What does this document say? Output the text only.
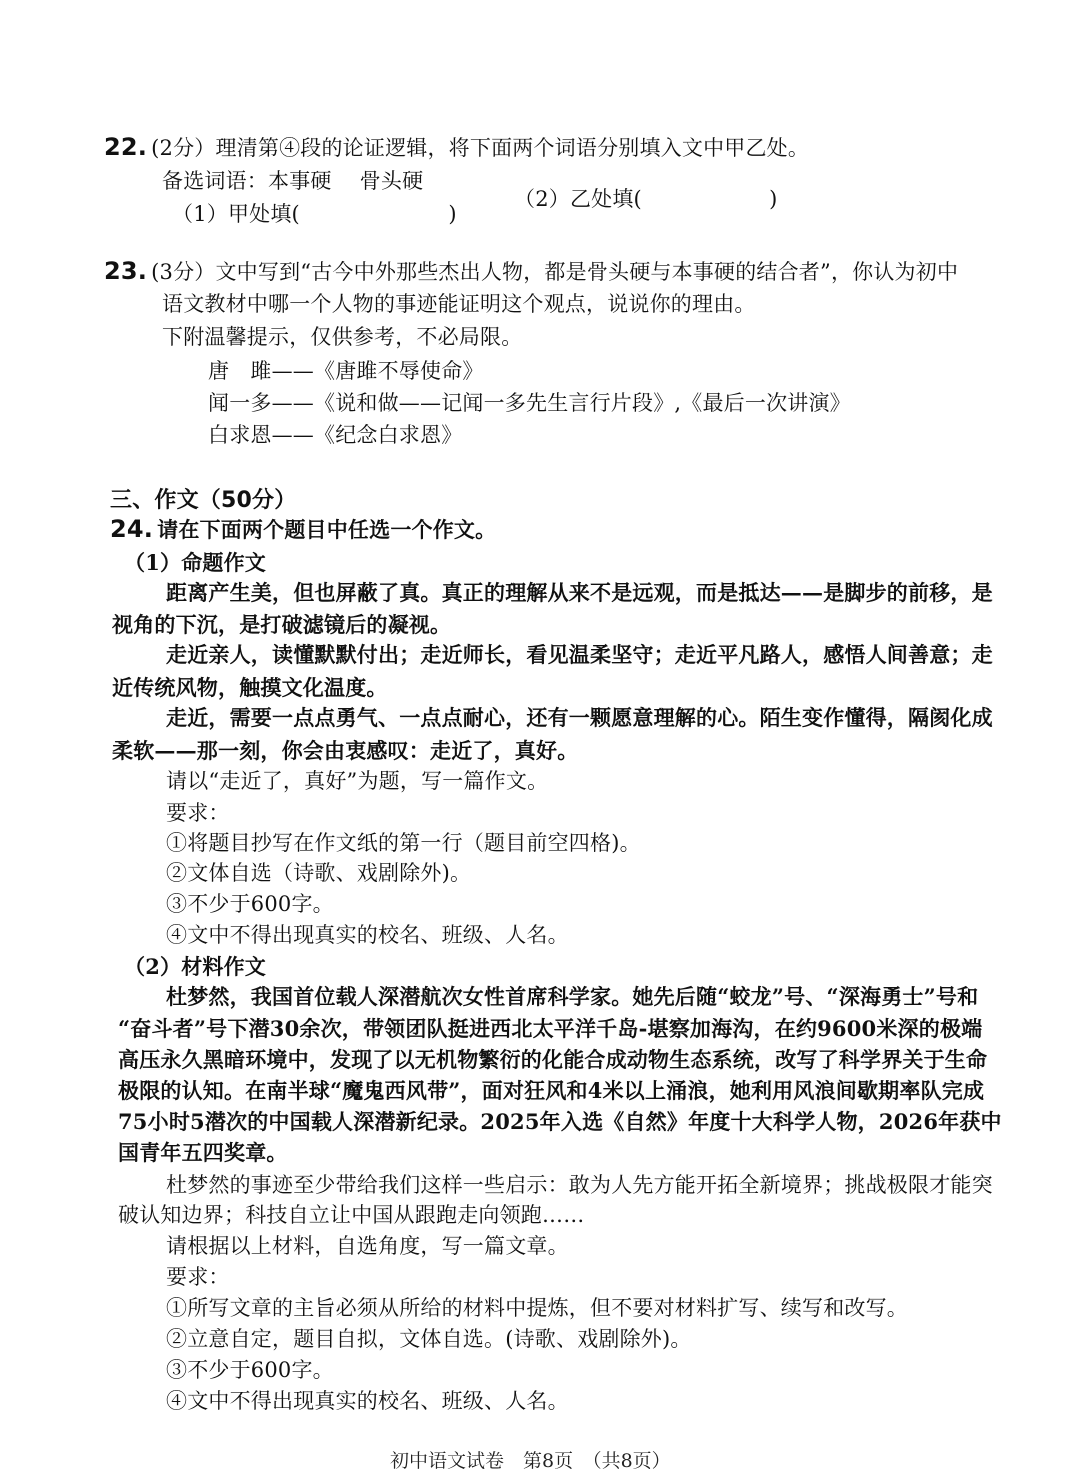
22. (2分）理清第④段的论证逻辑，将下面两个词语分别填入文中甲乙处。
备选词语：本事硬　 骨头硬
（1）甲处填(　　　　　　　)
（2）乙处填(　　　　　　)
23. (3分）文中写到“古今中外那些杰出人物，都是骨头硬与本事硬的结合者”，你认为初中
语文教材中哪一个人物的事迹能证明这个观点，说说你的理由。
下附温馨提示，仅供参考，不必局限。
唐　雎——《唐雎不辱使命》
闻一多——《说和做——记闻一多先生言行片段》,《最后一次讲演》
白求恩——《纪念白求恩》
三、作文（50分）
24. 请在下面两个题目中任选一个作文。
（1）命题作文
距离产生美，但也屏蔽了真。真正的理解从来不是远观，而是抵达——是脚步的前移，是
视角的下沉，是打破滤镜后的凝视。
走近亲人，读懂默默付出；走近师长，看见温柔坚守；走近平凡路人，感悟人间善意；走
近传统风物，触摸文化温度。
走近，需要一点点勇气、一点点耐心，还有一颗愿意理解的心。陌生变作懂得，隔阂化成
柔软——那一刻，你会由衷感叹：走近了，真好。
请以“走近了，真好”为题，写一篇作文。
要求：
①将题目抄写在作文纸的第一行（题目前空四格)。
②文体自选（诗歌、戏剧除外)。
③不少于600字。
④文中不得出现真实的校名、班级、人名。
（2）材料作文
杜梦然，我国首位载人深潜航次女性首席科学家。她先后随“蛟龙”号、“深海勇士”号和
“奋斗者”号下潜30余次，带领团队挺进西北太平洋千岛-堪察加海沟，在约9600米深的极端
高压永久黑暗环境中，发现了以无机物繁衍的化能合成动物生态系统，改写了科学界关于生命
极限的认知。在南半球“魔鬼西风带”，面对狂风和4米以上涌浪，她利用风浪间歇期率队完成
75小时5潜次的中国载人深潜新纪录。2025年入选《自然》年度十大科学人物，2026年获中
国青年五四奖章。
杜梦然的事迹至少带给我们这样一些启示：敢为人先方能开拓全新境界；挑战极限才能突
破认知边界；科技自立让中国从跟跑走向领跑……
请根据以上材料，自选角度，写一篇文章。
要求：
①所写文章的主旨必须从所给的材料中提炼，但不要对材料扩写、续写和改写。
②立意自定，题目自拟，文体自选。(诗歌、戏剧除外)。
③不少于600字。
④文中不得出现真实的校名、班级、人名。
初中语文试卷　第8页　（共8页）
